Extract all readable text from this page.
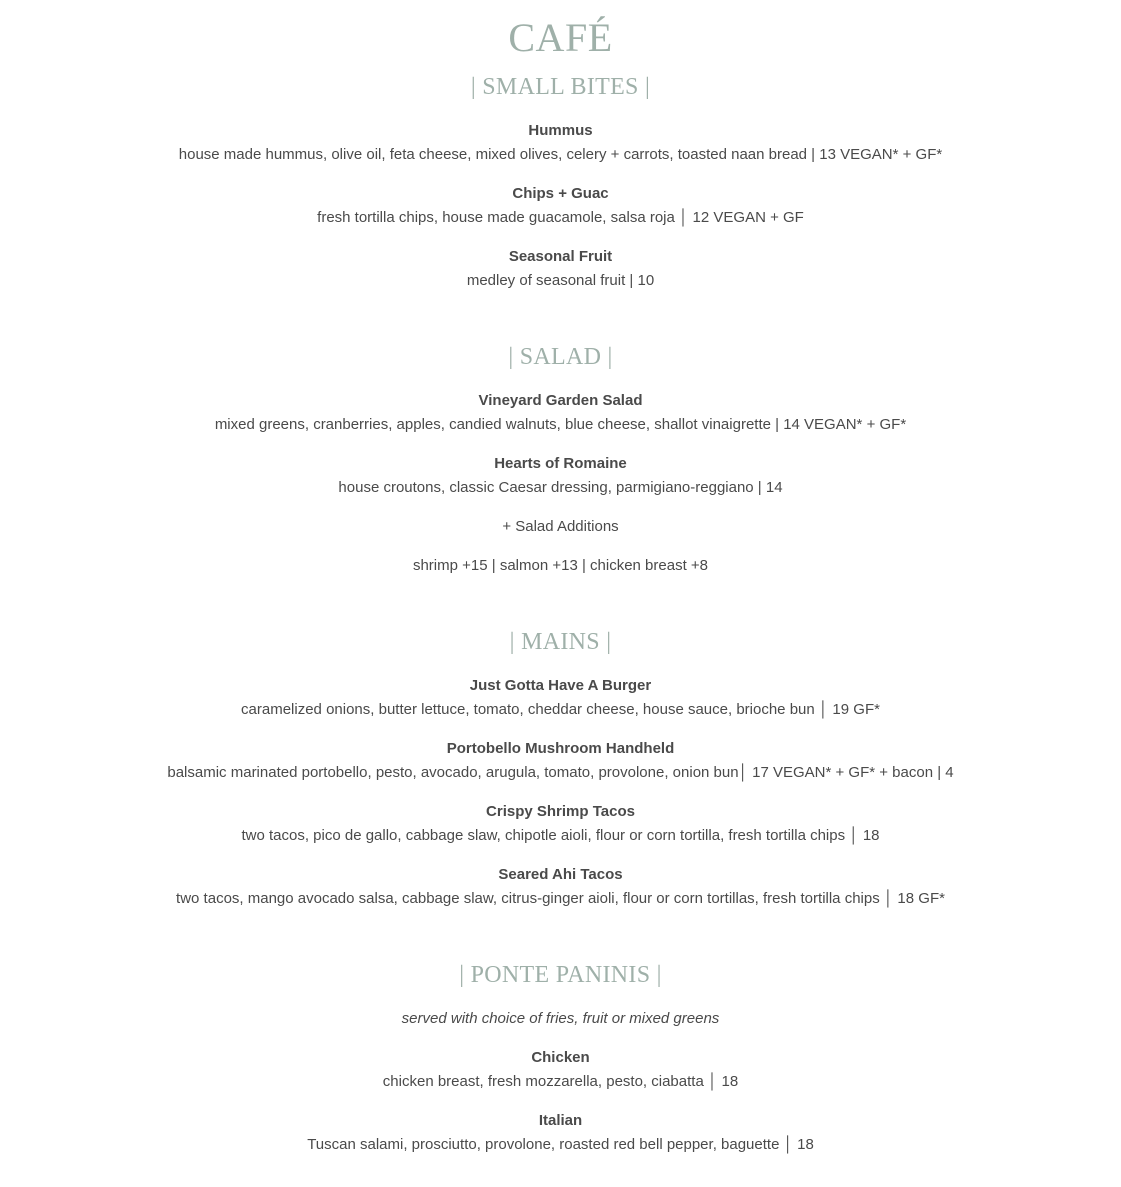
CAFÉ
| SMALL BITES |
Hummus
house made hummus, olive oil, feta cheese, mixed olives, celery + carrots, toasted naan bread | 13 VEGAN* + GF*
Chips + Guac
fresh tortilla chips, house made guacamole, salsa roja │ 12 VEGAN + GF
Seasonal Fruit
medley of seasonal fruit | 10
| SALAD |
Vineyard Garden Salad
mixed greens, cranberries, apples, candied walnuts, blue cheese, shallot vinaigrette | 14 VEGAN* + GF*
Hearts of Romaine
house croutons, classic Caesar dressing, parmigiano-reggiano | 14
+ Salad Additions
shrimp +15 | salmon +13 | chicken breast +8
| MAINS |
Just Gotta Have A Burger
caramelized onions, butter lettuce, tomato, cheddar cheese, house sauce, brioche bun │ 19 GF*
Portobello Mushroom Handheld
balsamic marinated portobello, pesto, avocado, arugula, tomato, provolone, onion bun│ 17 VEGAN* + GF* + bacon | 4
Crispy Shrimp Tacos
two tacos, pico de gallo, cabbage slaw, chipotle aioli, flour or corn tortilla, fresh tortilla chips │ 18
Seared Ahi Tacos
two tacos, mango avocado salsa, cabbage slaw, citrus-ginger aioli, flour or corn tortillas, fresh tortilla chips │ 18 GF*
| PONTE PANINIS |
served with choice of fries, fruit or mixed greens
Chicken
chicken breast, fresh mozzarella, pesto, ciabatta │ 18
Italian
Tuscan salami, prosciutto, provolone, roasted red bell pepper, baguette │ 18
